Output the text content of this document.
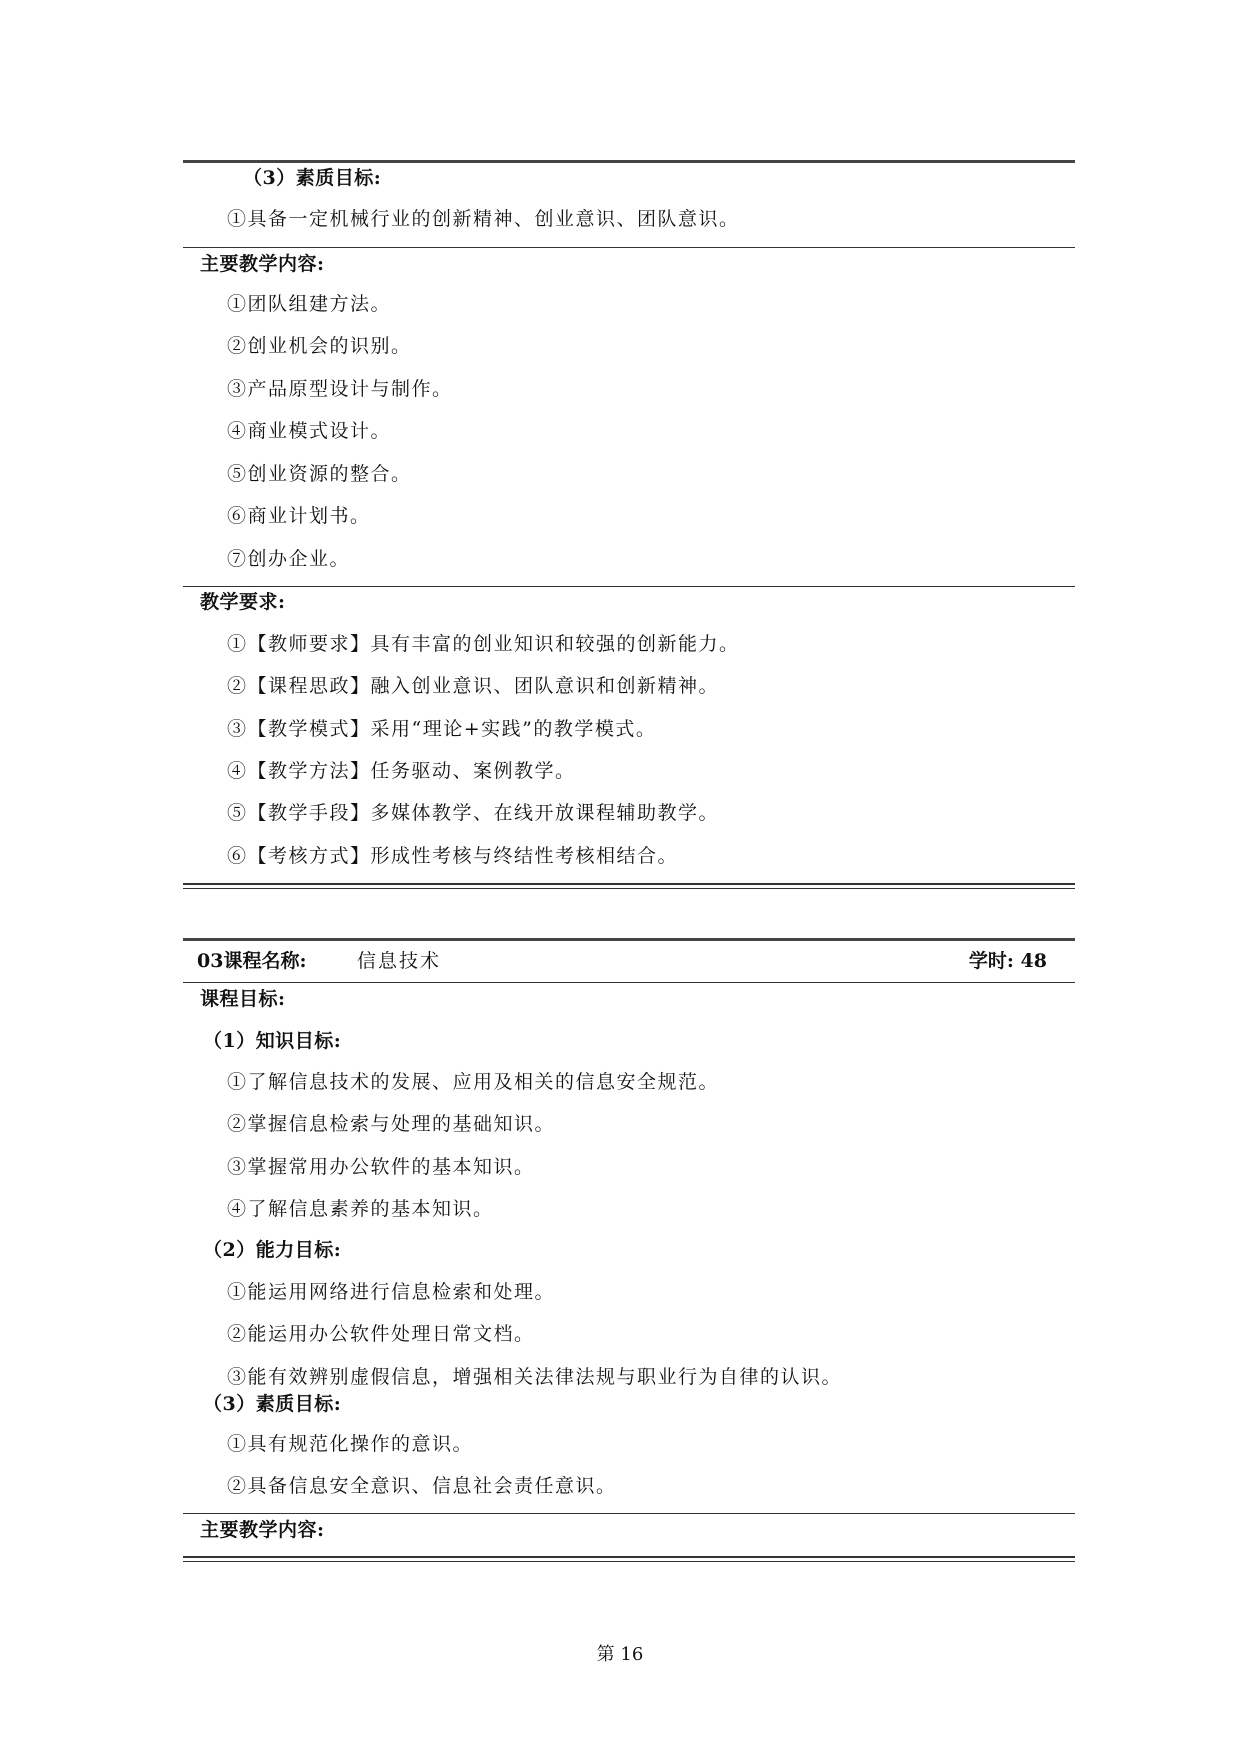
（3）素质目标:
①具备一定机械行业的创新精神、创业意识、团队意识。
主要教学内容:
①团队组建方法。
②创业机会的识别。
③产品原型设计与制作。
④商业模式设计。
⑤创业资源的整合。
⑥商业计划书。
⑦创办企业。
教学要求:
①【教师要求】具有丰富的创业知识和较强的创新能力。
②【课程思政】融入创业意识、团队意识和创新精神。
③【教学模式】采用“理论+实践”的教学模式。
④【教学方法】任务驱动、案例教学。
⑤【教学手段】多媒体教学、在线开放课程辅助教学。
⑥【考核方式】形成性考核与终结性考核相结合。
03课程名称:	信息技术	学时: 48
课程目标:
（1）知识目标:
①了解信息技术的发展、应用及相关的信息安全规范。
②掌握信息检索与处理的基础知识。
③掌握常用办公软件的基本知识。
④了解信息素养的基本知识。
（2）能力目标:
①能运用网络进行信息检索和处理。
②能运用办公软件处理日常文档。
③能有效辨别虚假信息，增强相关法律法规与职业行为自律的认识。
（3）素质目标:
①具有规范化操作的意识。
②具备信息安全意识、信息社会责任意识。
主要教学内容:
第 16
